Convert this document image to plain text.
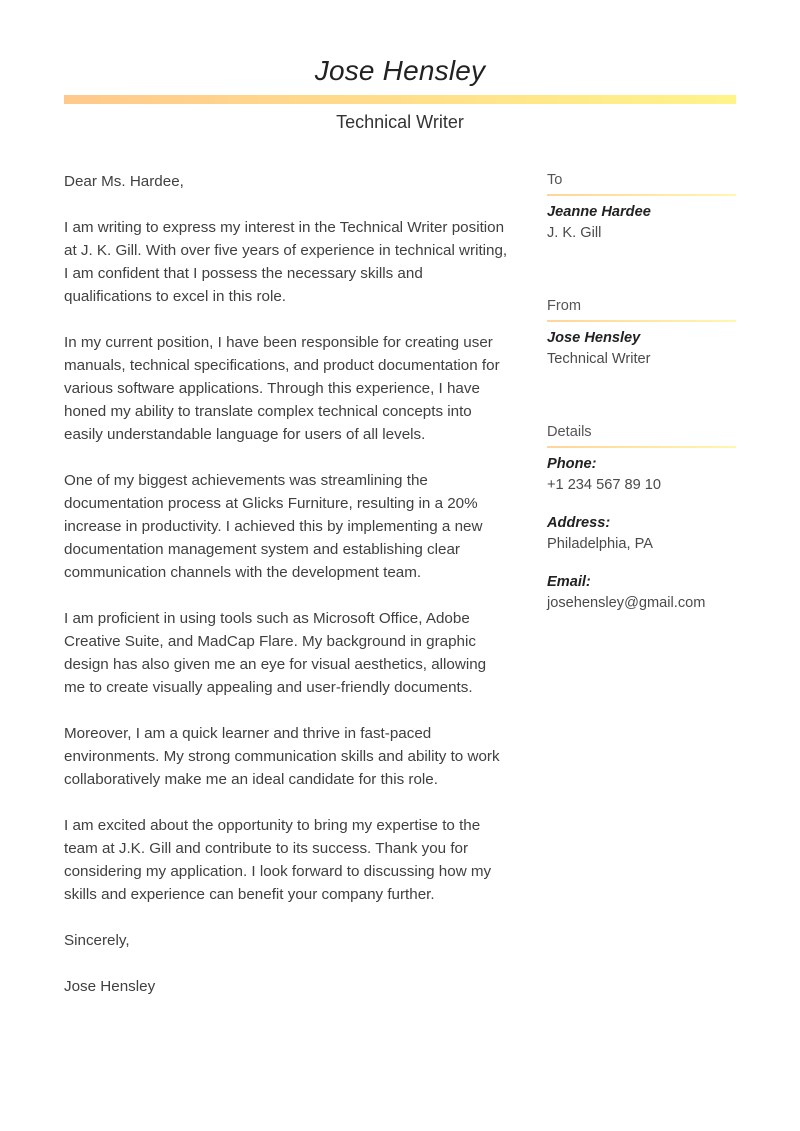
Jose Hensley
Technical Writer

Dear Ms. Hardee,

I am writing to express my interest in the Technical Writer position at J. K. Gill. With over five years of experience in technical writing, I am confident that I possess the necessary skills and qualifications to excel in this role.

In my current position, I have been responsible for creating user manuals, technical specifications, and product documentation for various software applications. Through this experience, I have honed my ability to translate complex technical concepts into easily understandable language for users of all levels.

One of my biggest achievements was streamlining the documentation process at Glicks Furniture, resulting in a 20% increase in productivity. I achieved this by implementing a new documentation management system and establishing clear communication channels with the development team.

I am proficient in using tools such as Microsoft Office, Adobe Creative Suite, and MadCap Flare. My background in graphic design has also given me an eye for visual aesthetics, allowing me to create visually appealing and user-friendly documents.

Moreover, I am a quick learner and thrive in fast-paced environments. My strong communication skills and ability to work collaboratively make me an ideal candidate for this role.

I am excited about the opportunity to bring my expertise to the team at J.K. Gill and contribute to its success. Thank you for considering my application. I look forward to discussing how my skills and experience can benefit your company further.

Sincerely,

Jose Hensley

To
Jeanne Hardee
J. K. Gill
From
Jose Hensley
Technical Writer
Details
Phone:
+1 234 567 89 10
Address:
Philadelphia, PA
Email:
josehensley@gmail.com
